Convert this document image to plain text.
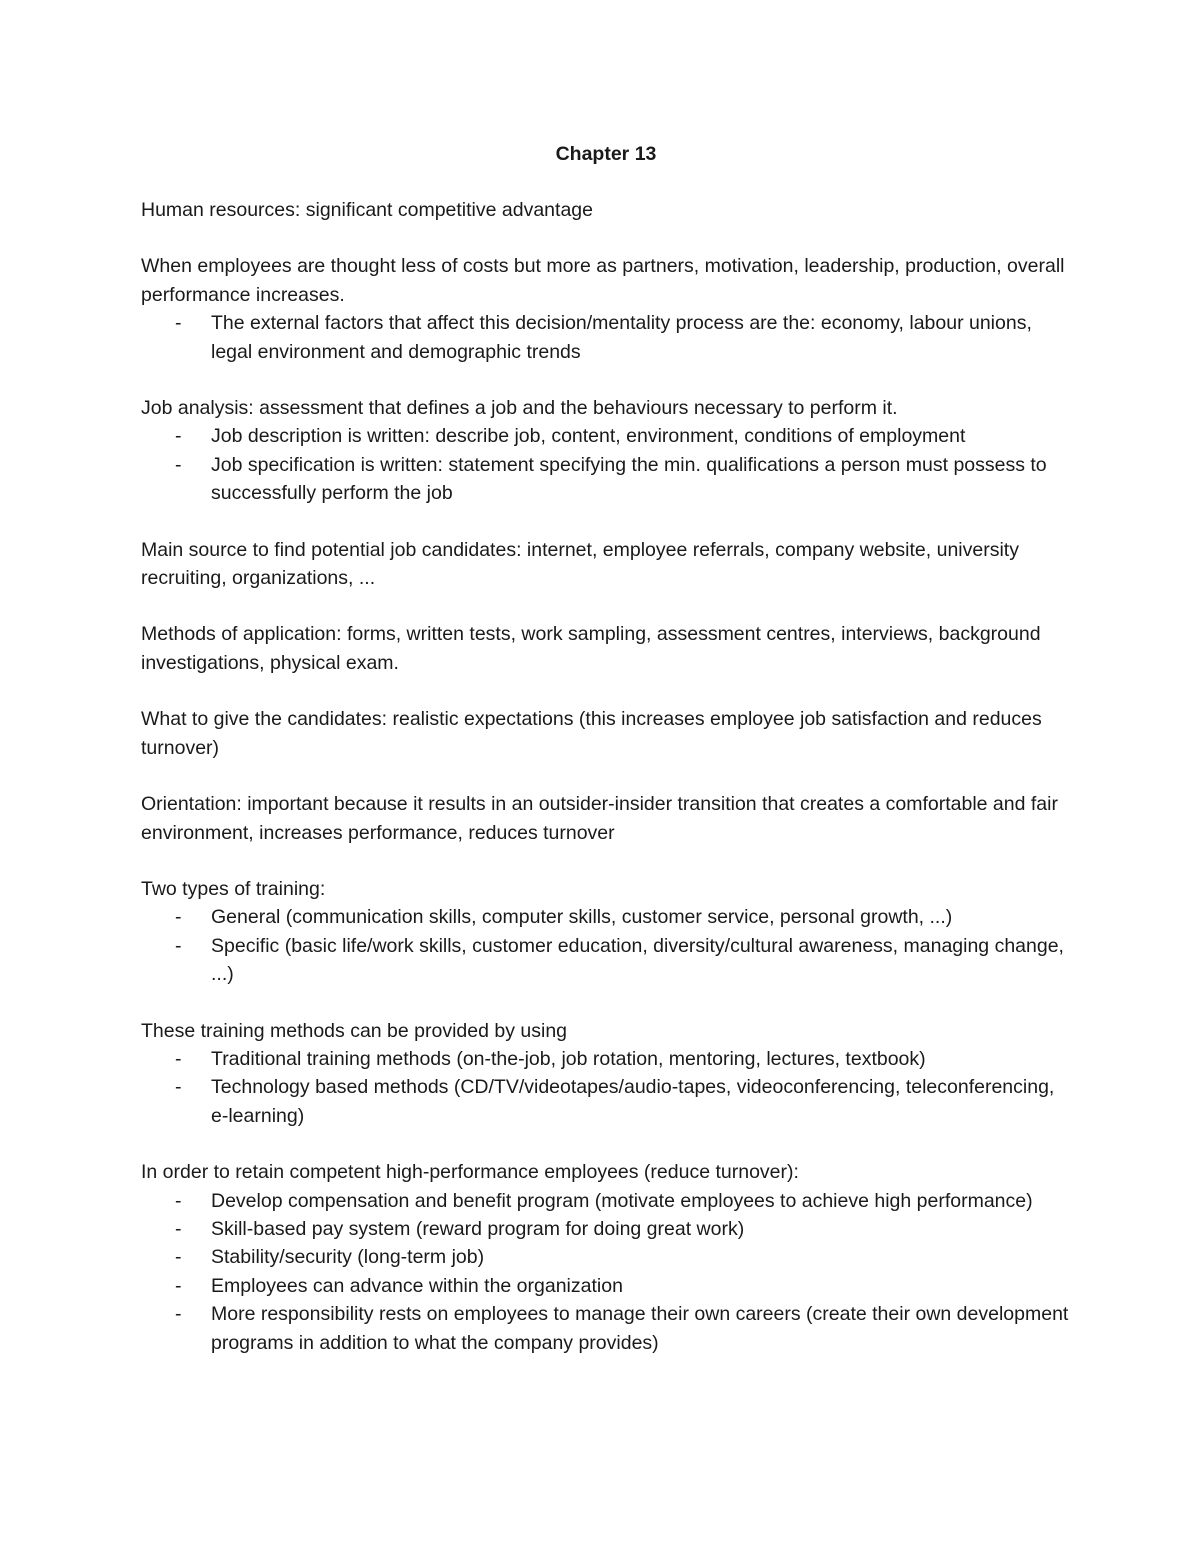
Chapter 13

Human resources: significant competitive advantage

When employees are thought less of costs but more as partners, motivation, leadership, production, overall performance increases.

- The external factors that affect this decision/mentality process are the: economy, labour unions, legal environment and demographic trends

Job analysis: assessment that defines a job and the behaviours necessary to perform it.

- Job description is written: describe job, content, environment, conditions of employment
- Job specification is written: statement specifying the min. qualifications a person must possess to successfully perform the job

Main source to find potential job candidates: internet, employee referrals, company website, university recruiting, organizations, ...

Methods of application: forms, written tests, work sampling, assessment centres, interviews, background investigations, physical exam.

What to give the candidates: realistic expectations (this increases employee job satisfaction and reduces turnover)

Orientation: important because it results in an outsider-insider transition that creates a comfortable and fair environment, increases performance, reduces turnover

Two types of training:

- General (communication skills, computer skills, customer service, personal growth, ...)
- Specific (basic life/work skills, customer education, diversity/cultural awareness, managing change, ...)

These training methods can be provided by using

- Traditional training methods (on-the-job, job rotation, mentoring, lectures, textbook)
- Technology based methods (CD/TV/videotapes/audio-tapes, videoconferencing, teleconferencing, e-learning)

In order to retain competent high-performance employees (reduce turnover):

- Develop compensation and benefit program (motivate employees to achieve high performance)
- Skill-based pay system (reward program for doing great work)
- Stability/security (long-term job)
- Employees can advance within the organization
- More responsibility rests on employees to manage their own careers (create their own development programs in addition to what the company provides)
